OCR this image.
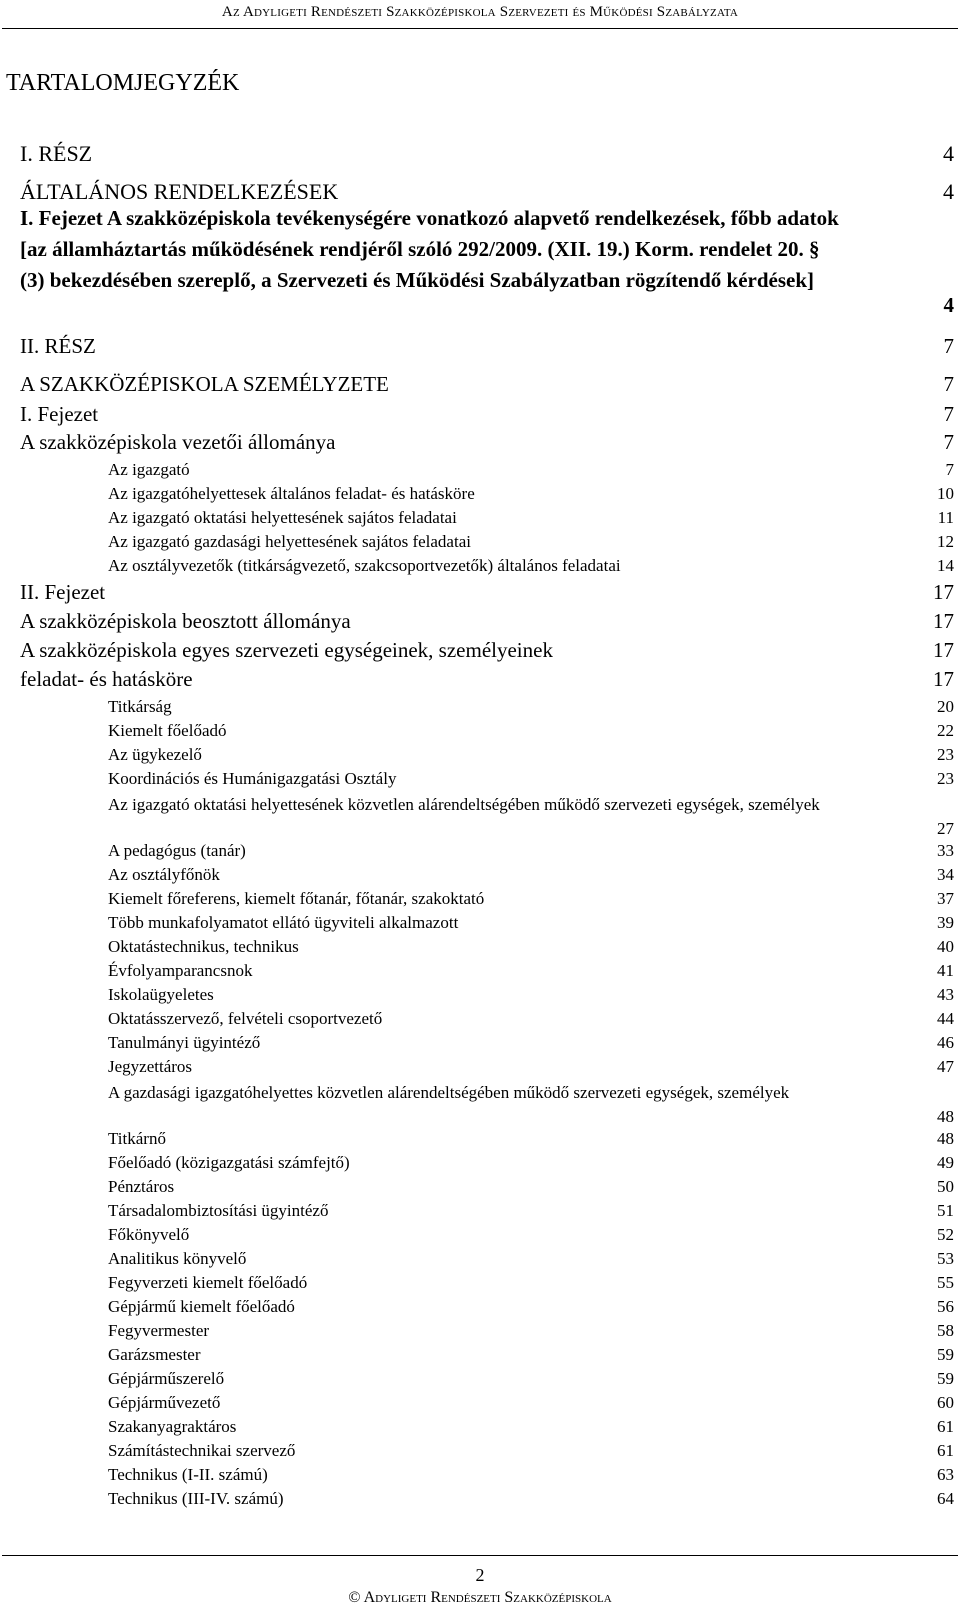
Az Adyligeti Rendészeti Szakközépiskola Szervezeti és Működési Szabályzata
TARTALOMJEGYZÉK
I. RÉSZ	4
ÁLTALÁNOS RENDELKEZÉSEK	4
I. Fejezet A szakközépiskola tevékenységére vonatkozó alapvető rendelkezések, főbb adatok [az államháztartás működésének rendjéről szóló 292/2009. (XII. 19.) Korm. rendelet 20. § (3) bekezdésében szereplő, a Szervezeti és Működési Szabályzatban rögzítendő kérdések]
4
II. RÉSZ	7
A SZAKKÖZÉPISKOLA SZEMÉLYZETE	7
I. Fejezet	7
A szakközépiskola vezetői állománya	7
Az igazgató	7
Az igazgatóhelyettesek általános feladat- és hatásköre	10
Az igazgató oktatási helyettesének sajátos feladatai	11
Az igazgató gazdasági helyettesének sajátos feladatai	12
Az osztályvezetők (titkárságvezető, szakcsoportvezetők) általános feladatai	14
II. Fejezet	17
A szakközépiskola beosztott állománya	17
A szakközépiskola egyes szervezeti egységeinek, személyeinek	17
feladat- és hatásköre	17
Titkárság	20
Kiemelt főelőadó	22
Az ügykezelő	23
Koordinációs és Humánigazgatási Osztály	23
Az igazgató oktatási helyettesének közvetlen alárendeltségében működő szervezeti egységek, személyek
27
A pedagógus (tanár)	33
Az osztályfőnök	34
Kiemelt főreferens, kiemelt főtanár, főtanár, szakoktató	37
Több munkafolyamatot ellátó ügyviteli alkalmazott	39
Oktatástechnikus, technikus	40
Évfolyamparancsnok	41
Iskolaügyeletes	43
Oktatásszervező, felvételi csoportvezető	44
Tanulmányi ügyintéző	46
Jegyzettáros	47
A gazdasági igazgatóhelyettes közvetlen alárendeltségében működő szervezeti egységek, személyek
48
Titkárnő	48
Főelőadó (közigazgatási számfejtő)	49
Pénztáros	50
Társadalombiztosítási ügyintéző	51
Főkönyvelő	52
Analitikus könyvelő	53
Fegyverzeti kiemelt főelőadó	55
Gépjármű kiemelt főelőadó	56
Fegyvermester	58
Garázsmester	59
Gépjárműszerelő	59
Gépjárművezető	60
Szakanyagraktáros	61
Számítástechnikai szervező	61
Technikus (I-II. számú)	63
Technikus (III-IV. számú)	64
2
© Adyligeti Rendészeti Szakközépiskola
